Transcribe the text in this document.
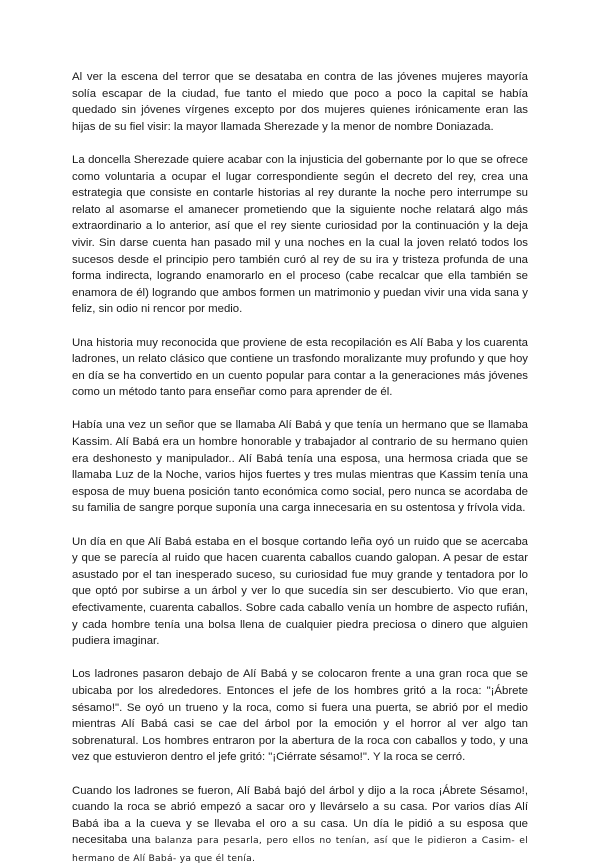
Al ver la escena del terror que se desataba en contra de las jóvenes mujeres mayoría solía escapar de la ciudad, fue tanto el miedo que poco a poco la capital se había quedado sin jóvenes vírgenes excepto por dos mujeres quienes irónicamente eran las hijas de su fiel visir: la mayor llamada Sherezade y la menor de nombre Doniazada.

La doncella Sherezade quiere acabar con la injusticia del gobernante por lo que se ofrece como voluntaria a ocupar el lugar correspondiente según el decreto del rey, crea una estrategia que consiste en contarle historias al rey durante la noche pero interrumpe su relato al asomarse el amanecer prometiendo que la siguiente noche relatará algo más extraordinario a lo anterior, así que el rey siente curiosidad por la continuación y la deja vivir. Sin darse cuenta han pasado mil y una noches en la cual la joven relató todos los sucesos desde el principio pero también curó al rey de su ira y tristeza profunda de una forma indirecta, logrando enamorarlo en el proceso (cabe recalcar que ella también se enamora de él) logrando que ambos formen un matrimonio y puedan vivir una vida sana y feliz, sin odio ni rencor por medio.

Una historia muy reconocida que proviene de esta recopilación es Alí Baba y los cuarenta ladrones, un relato clásico que contiene un trasfondo moralizante muy profundo y que hoy en día se ha convertido en un cuento popular para contar a la generaciones más jóvenes como un método tanto para enseñar como para aprender de él.

Había una vez un señor que se llamaba Alí Babá y que tenía un hermano que se llamaba Kassim. Alí Babá era un hombre honorable y trabajador al contrario de su hermano quien era deshonesto y manipulador.. Alí Babá tenía una esposa, una hermosa criada que se llamaba Luz de la Noche, varios hijos fuertes y tres mulas mientras que Kassim tenía una esposa de muy buena posición tanto económica como social, pero nunca se acordaba de su familia de sangre porque suponía una carga innecesaria en su ostentosa y frívola vida.

Un día en que Alí Babá estaba en el bosque cortando leña oyó un ruido que se acercaba y que se parecía al ruido que hacen cuarenta caballos cuando galopan. A pesar de estar asustado por el tan inesperado suceso, su curiosidad fue muy grande y tentadora por lo que optó por subirse a un árbol y ver lo que sucedía sin ser descubierto. Vio que eran, efectivamente, cuarenta caballos. Sobre cada caballo venía un hombre de aspecto rufián, y cada hombre tenía una bolsa llena de cualquier piedra preciosa o dinero que alguien pudiera imaginar.

Los ladrones pasaron debajo de Alí Babá y se colocaron frente a una gran roca que se ubicaba por los alrededores. Entonces el jefe de los hombres gritó a la roca: "¡Ábrete sésamo!". Se oyó un trueno y la roca, como si fuera una puerta, se abrió por el medio mientras Alí Babá casi se cae del árbol por la emoción y el horror al ver algo tan sobrenatural. Los hombres entraron por la abertura de la roca con caballos y todo, y una vez que estuvieron dentro el jefe gritó: "¡Ciérrate sésamo!". Y la roca se cerró.

Cuando los ladrones se fueron, Alí Babá bajó del árbol y dijo a la roca ¡Ábrete Sésamo!, cuando la roca se abrió empezó a sacar oro y llevárselo a su casa. Por varios días Alí Babá iba a la cueva y se llevaba el oro a su casa. Un día le pidió a su esposa que necesitaba una balanza para pesarla, pero ellos no tenían, así que le pidieron a Casim- el hermano de Alí Babá- ya que él tenía.
